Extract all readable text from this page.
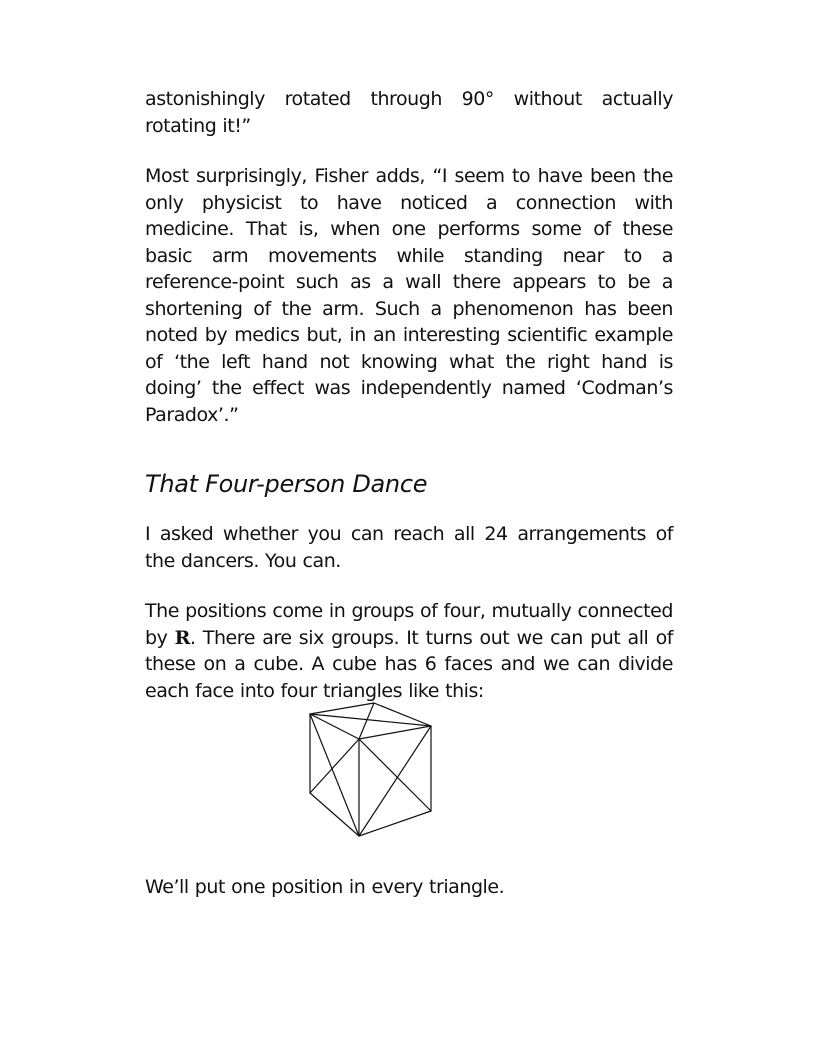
astonishingly rotated through 90° without actually rotating it!”

Most surprisingly, Fisher adds, “I seem to have been the only physicist to have noticed a connection with medicine. That is, when one performs some of these basic arm movements while standing near to a reference-point such as a wall there appears to be a shortening of the arm. Such a phenomenon has been noted by medics but, in an interesting scientific example of ‘the left hand not knowing what the right hand is doing’ the effect was independently named ‘Codman’s Paradox’.”

That Four-person Dance

I asked whether you can reach all 24 arrangements of the dancers. You can.

The positions come in groups of four, mutually connected by R. There are six groups. It turns out we can put all of these on a cube. A cube has 6 faces and we can divide each face into four triangles like this:

We’ll put one position in every triangle.
